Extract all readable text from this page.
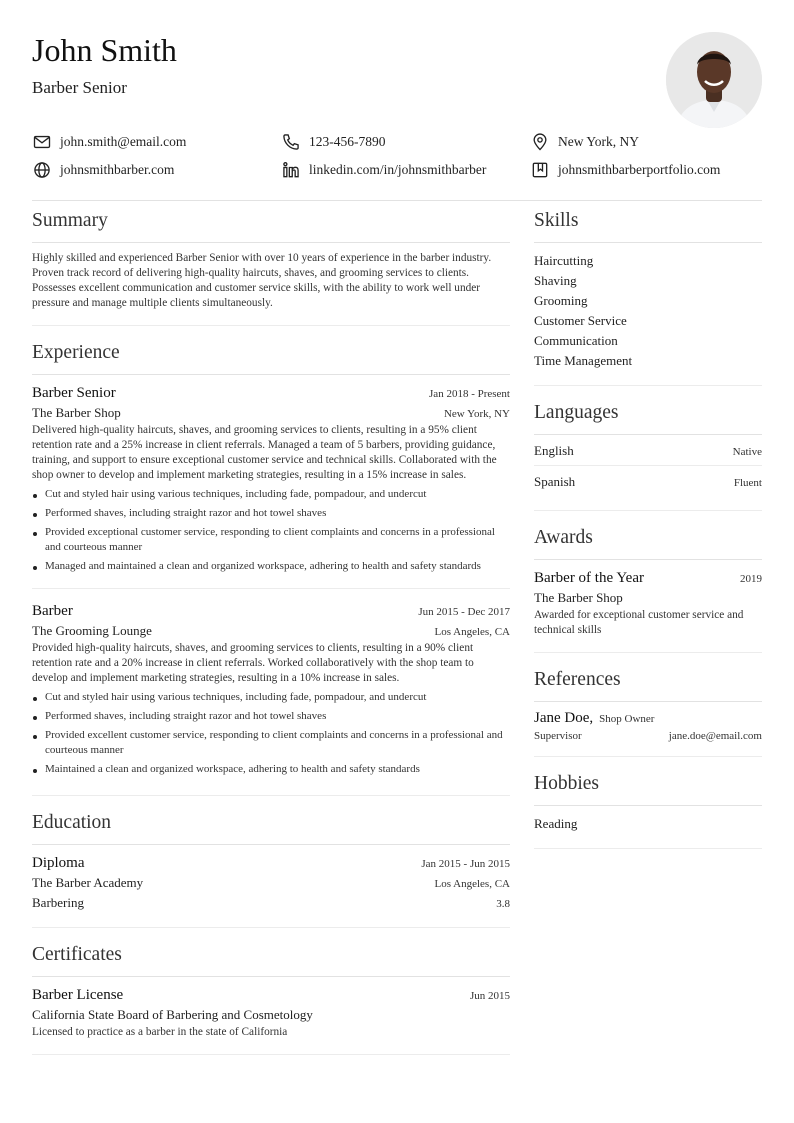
John Smith
Barber Senior
john.smith@email.com	123-456-7890	New York, NY
johnsmithbarber.com	linkedin.com/in/johnsmithbarber	johnsmithbarberportfolio.com
Summary
Highly skilled and experienced Barber Senior with over 10 years of experience in the barber industry. Proven track record of delivering high-quality haircuts, shaves, and grooming services to clients. Possesses excellent communication and customer service skills, with the ability to work well under pressure and manage multiple clients simultaneously.
Experience
Barber Senior	Jan 2018 - Present
The Barber Shop	New York, NY
Delivered high-quality haircuts, shaves, and grooming services to clients, resulting in a 95% client retention rate and a 25% increase in client referrals. Managed a team of 5 barbers, providing guidance, training, and support to ensure exceptional customer service and technical skills. Collaborated with the shop owner to develop and implement marketing strategies, resulting in a 15% increase in sales.
Cut and styled hair using various techniques, including fade, pompadour, and undercut
Performed shaves, including straight razor and hot towel shaves
Provided exceptional customer service, responding to client complaints and concerns in a professional and courteous manner
Managed and maintained a clean and organized workspace, adhering to health and safety standards
Barber	Jun 2015 - Dec 2017
The Grooming Lounge	Los Angeles, CA
Provided high-quality haircuts, shaves, and grooming services to clients, resulting in a 90% client retention rate and a 20% increase in client referrals. Worked collaboratively with the shop team to develop and implement marketing strategies, resulting in a 10% increase in sales.
Cut and styled hair using various techniques, including fade, pompadour, and undercut
Performed shaves, including straight razor and hot towel shaves
Provided excellent customer service, responding to client complaints and concerns in a professional and courteous manner
Maintained a clean and organized workspace, adhering to health and safety standards
Education
Diploma	Jan 2015 - Jun 2015
The Barber Academy	Los Angeles, CA
Barbering	3.8
Certificates
Barber License	Jun 2015
California State Board of Barbering and Cosmetology
Licensed to practice as a barber in the state of California
Skills
Haircutting
Shaving
Grooming
Customer Service
Communication
Time Management
Languages
English	Native
Spanish	Fluent
Awards
Barber of the Year	2019
The Barber Shop
Awarded for exceptional customer service and technical skills
References
Jane Doe, Shop Owner
Supervisor	jane.doe@email.com
Hobbies
Reading
